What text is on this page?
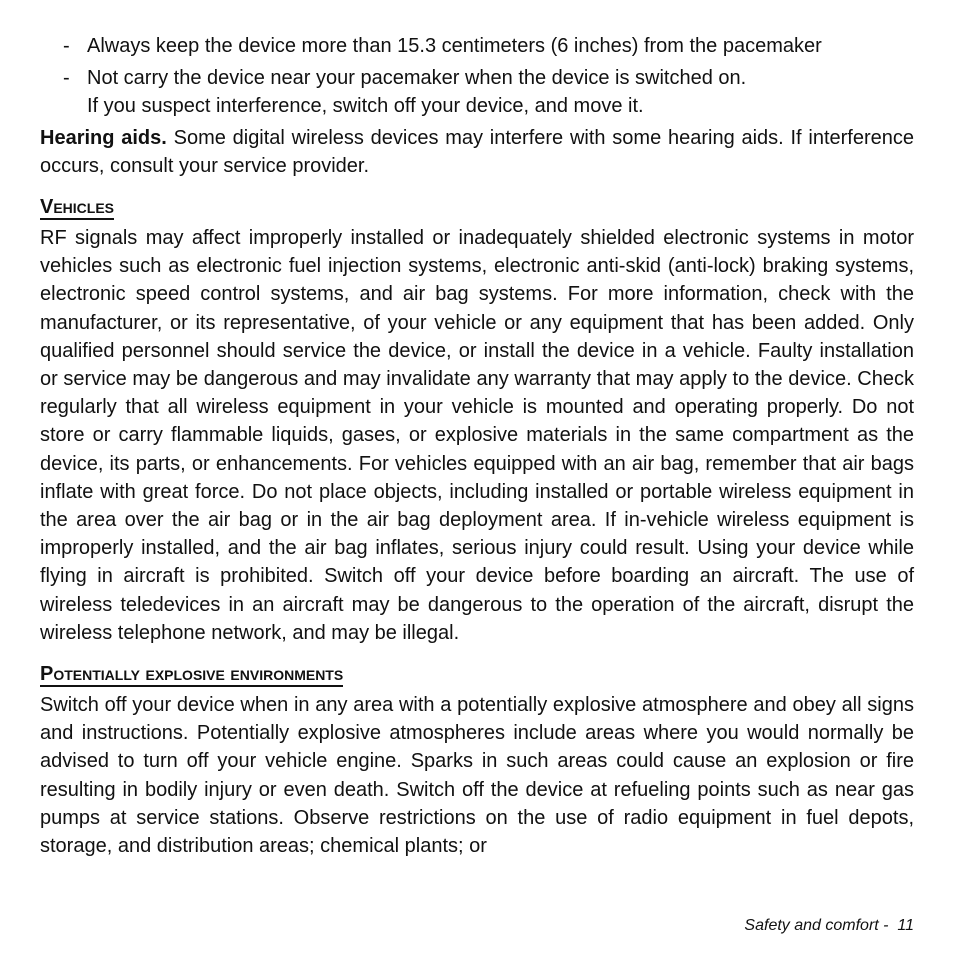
- Always keep the device more than 15.3 centimeters (6 inches) from the pacemaker
- Not carry the device near your pacemaker when the device is switched on.
If you suspect interference, switch off your device, and move it.

Hearing aids. Some digital wireless devices may interfere with some hearing aids. If interference occurs, consult your service provider.

Vehicles

RF signals may affect improperly installed or inadequately shielded electronic systems in motor vehicles such as electronic fuel injection systems, electronic anti-skid (anti-lock) braking systems, electronic speed control systems, and air bag systems. For more information, check with the manufacturer, or its representative, of your vehicle or any equipment that has been added. Only qualified personnel should service the device, or install the device in a vehicle. Faulty installation or service may be dangerous and may invalidate any warranty that may apply to the device. Check regularly that all wireless equipment in your vehicle is mounted and operating properly. Do not store or carry flammable liquids, gases, or explosive materials in the same compartment as the device, its parts, or enhancements. For vehicles equipped with an air bag, remember that air bags inflate with great force. Do not place objects, including installed or portable wireless equipment in the area over the air bag or in the air bag deployment area. If in-vehicle wireless equipment is improperly installed, and the air bag inflates, serious injury could result. Using your device while flying in aircraft is prohibited. Switch off your device before boarding an aircraft. The use of wireless teledevices in an aircraft may be dangerous to the operation of the aircraft, disrupt the wireless telephone network, and may be illegal.

Potentially explosive environments

Switch off your device when in any area with a potentially explosive atmosphere and obey all signs and instructions. Potentially explosive atmospheres include areas where you would normally be advised to turn off your vehicle engine. Sparks in such areas could cause an explosion or fire resulting in bodily injury or even death. Switch off the device at refueling points such as near gas pumps at service stations. Observe restrictions on the use of radio equipment in fuel depots, storage, and distribution areas; chemical plants; or

Safety and comfort -  11
